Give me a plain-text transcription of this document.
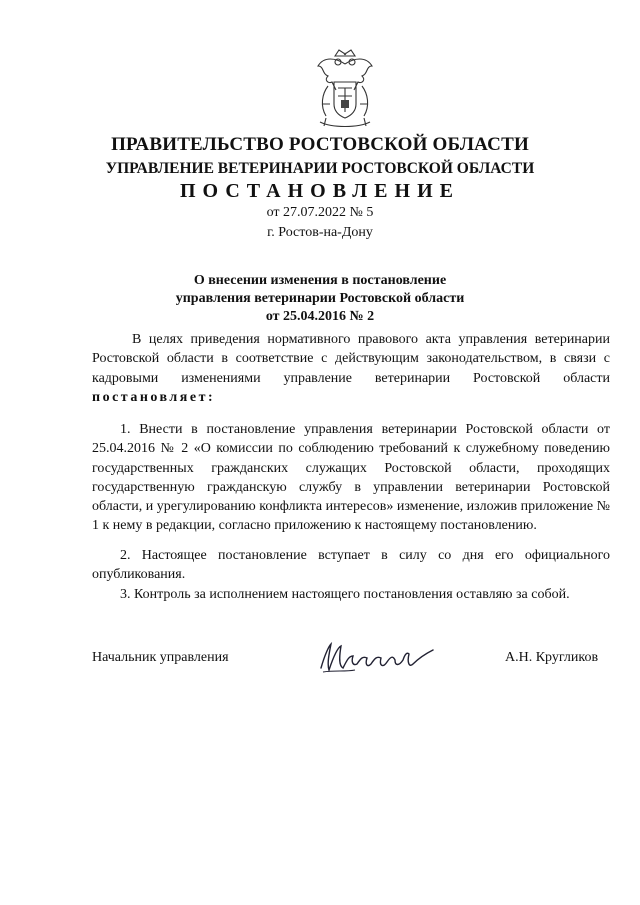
ПРАВИТЕЛЬСТВО РОСТОВСКОЙ ОБЛАСТИ
УПРАВЛЕНИЕ ВЕТЕРИНАРИИ РОСТОВСКОЙ ОБЛАСТИ
ПОСТАНОВЛЕНИЕ
от 27.07.2022 № 5
г. Ростов-на-Дону
О внесении изменения в постановление
управления ветеринарии Ростовской области
от 25.04.2016 № 2
В целях приведения нормативного правового акта управления ветеринарии Ростовской области в соответствие с действующим законодательством, в связи с кадровыми изменениями управление ветеринарии Ростовской области постановляет:
1. Внести в постановление управления ветеринарии Ростовской области от 25.04.2016 № 2 «О комиссии по соблюдению требований к служебному поведению государственных гражданских служащих Ростовской области, проходящих государственную гражданскую службу в управлении ветеринарии Ростовской области, и урегулированию конфликта интересов» изменение, изложив приложение № 1 к нему в редакции, согласно приложению к настоящему постановлению.
2. Настоящее постановление вступает в силу со дня его официального опубликования.
3. Контроль за исполнением настоящего постановления оставляю за собой.
Начальник управления	А.Н. Кругликов
